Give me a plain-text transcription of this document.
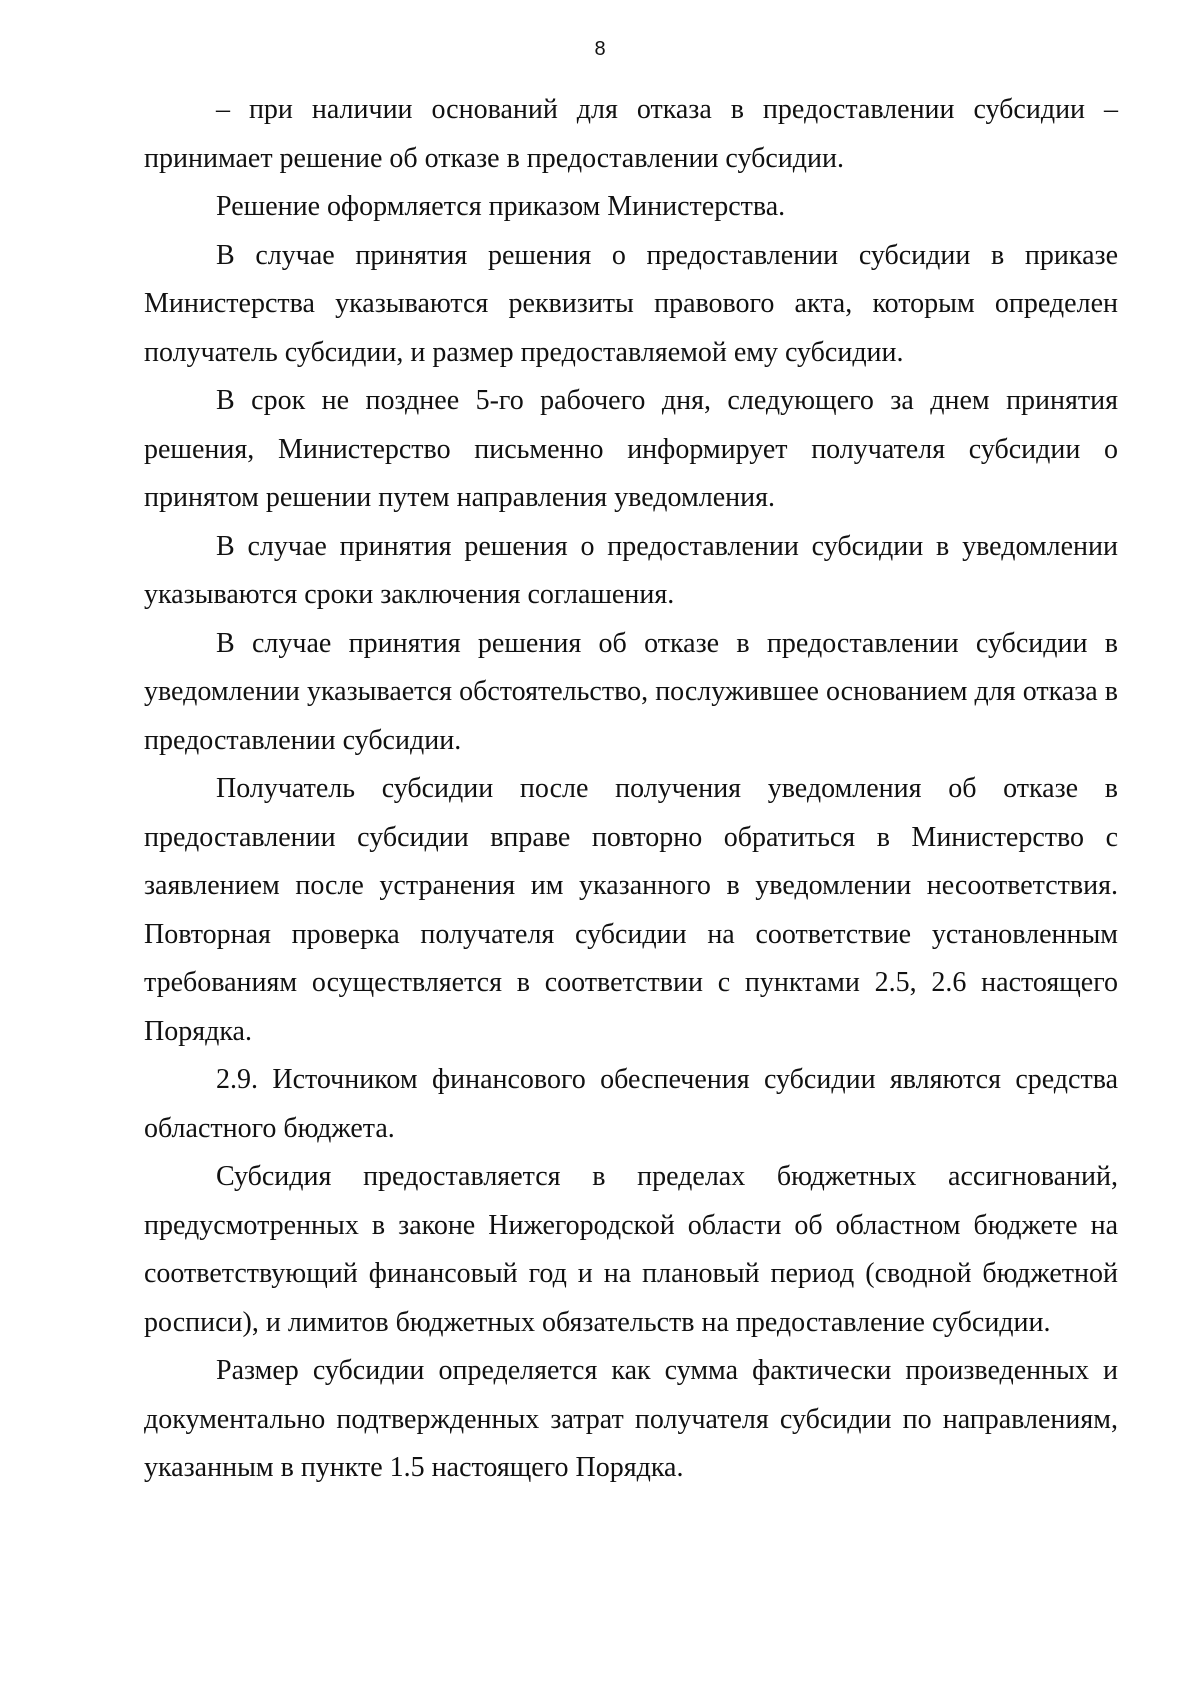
8

– при наличии оснований для отказа в предоставлении субсидии – принимает решение об отказе в предоставлении субсидии.

Решение оформляется приказом Министерства.

В случае принятия решения о предоставлении субсидии в приказе Министерства указываются реквизиты правового акта, которым определен получатель субсидии, и размер предоставляемой ему субсидии.

В срок не позднее 5-го рабочего дня, следующего за днем принятия решения, Министерство письменно информирует получателя субсидии о принятом решении путем направления уведомления.

В случае принятия решения о предоставлении субсидии в уведомлении указываются сроки заключения соглашения.

В случае принятия решения об отказе в предоставлении субсидии в уведомлении указывается обстоятельство, послужившее основанием для отказа в предоставлении субсидии.

Получатель субсидии после получения уведомления об отказе в предоставлении субсидии вправе повторно обратиться в Министерство с заявлением после устранения им указанного в уведомлении несоответствия. Повторная проверка получателя субсидии на соответствие установленным требованиям осуществляется в соответствии с пунктами 2.5, 2.6 настоящего Порядка.

2.9. Источником финансового обеспечения субсидии являются средства областного бюджета.

Субсидия предоставляется в пределах бюджетных ассигнований, предусмотренных в законе Нижегородской области об областном бюджете на соответствующий финансовый год и на плановый период (сводной бюджетной росписи), и лимитов бюджетных обязательств на предоставление субсидии.

Размер субсидии определяется как сумма фактически произведенных и документально подтвержденных затрат получателя субсидии по направлениям, указанным в пункте 1.5 настоящего Порядка.
